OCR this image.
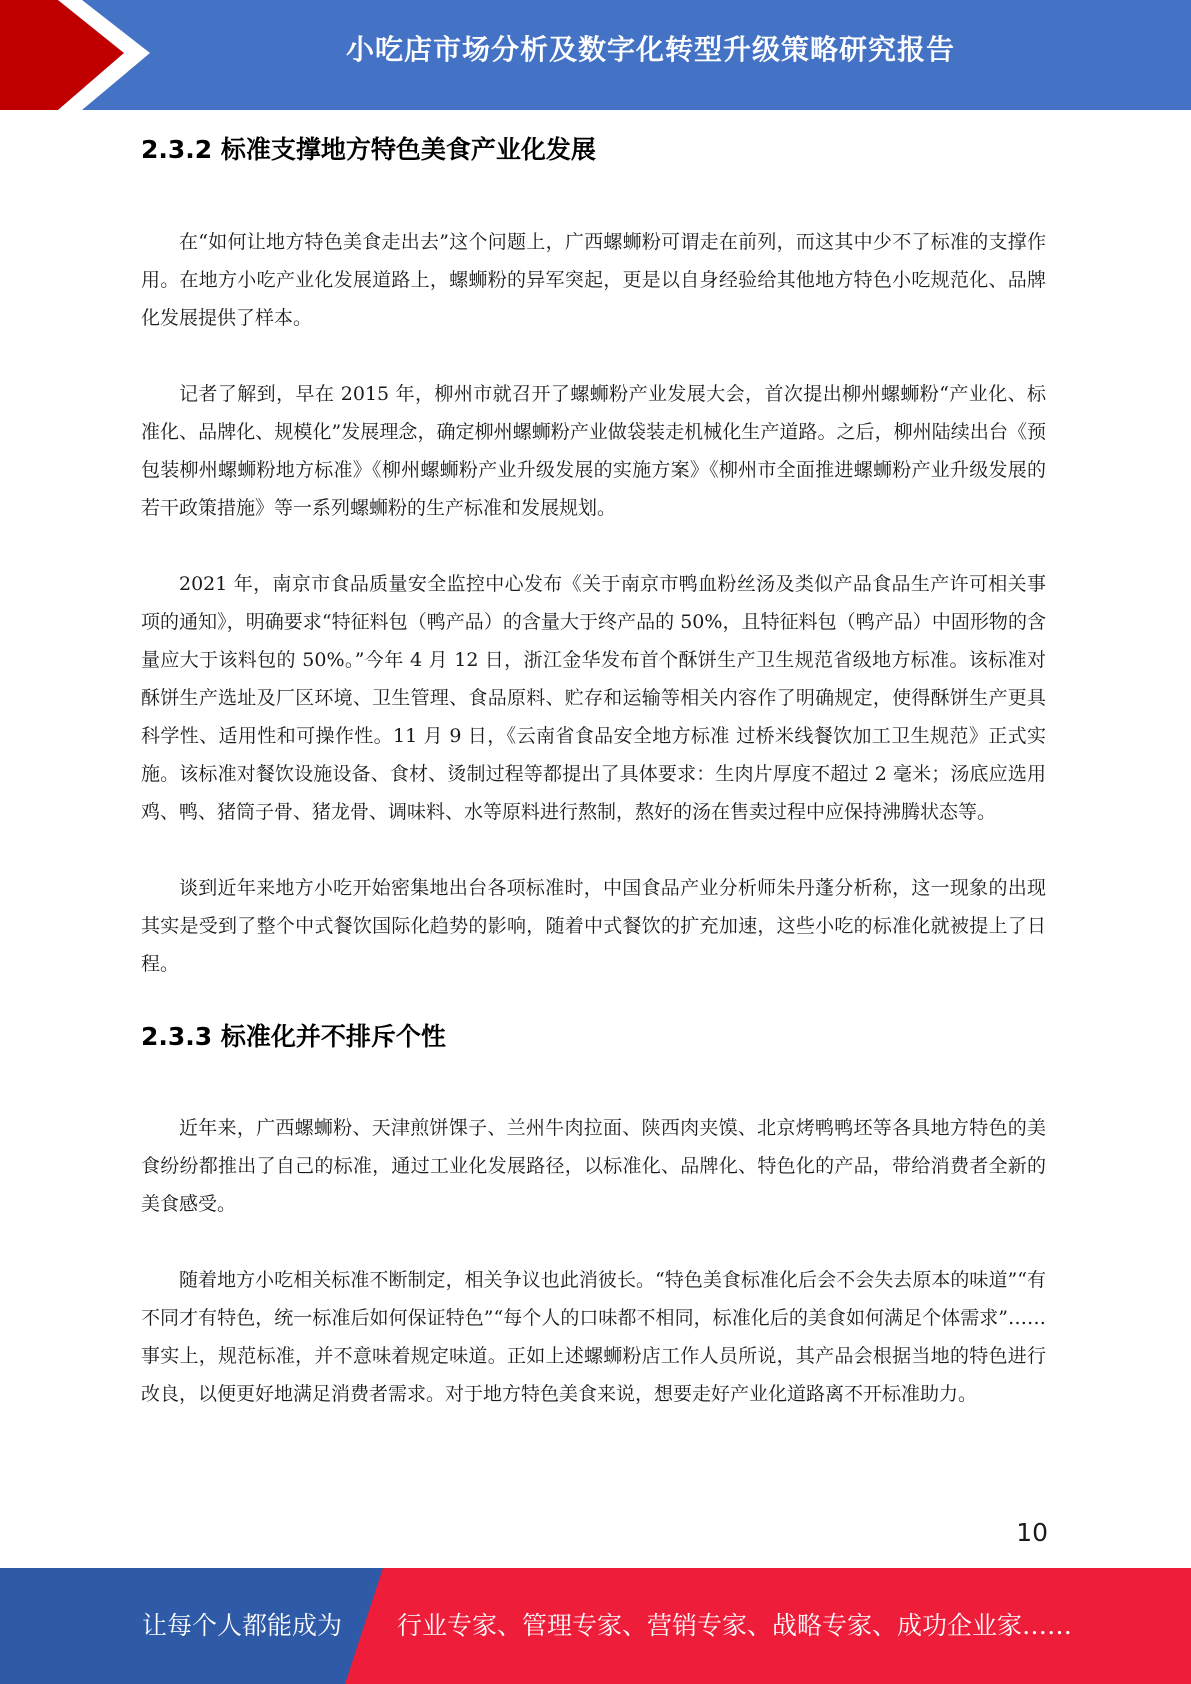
小吃店市场分析及数字化转型升级策略研究报告
2.3.2 标准支撑地方特色美食产业化发展

在“如何让地方特色美食走出去”这个问题上，广西螺蛳粉可谓走在前列，而这其中少不了标准的支撑作用。在地方小吃产业化发展道路上，螺蛳粉的异军突起，更是以自身经验给其他地方特色小吃规范化、品牌化发展提供了样本。

记者了解到，早在 2015 年，柳州市就召开了螺蛳粉产业发展大会，首次提出柳州螺蛳粉“产业化、标准化、品牌化、规模化”发展理念，确定柳州螺蛳粉产业做袋装走机械化生产道路。之后，柳州陆续出台《预包装柳州螺蛳粉地方标准》《柳州螺蛳粉产业升级发展的实施方案》《柳州市全面推进螺蛳粉产业升级发展的若干政策措施》等一系列螺蛳粉的生产标准和发展规划。

2021 年，南京市食品质量安全监控中心发布《关于南京市鸭血粉丝汤及类似产品食品生产许可相关事项的通知》，明确要求“特征料包（鸭产品）的含量大于终产品的 50%，且特征料包（鸭产品）中固形物的含量应大于该料包的 50%。”今年 4 月 12 日，浙江金华发布首个酥饼生产卫生规范省级地方标准。该标准对酥饼生产选址及厂区环境、卫生管理、食品原料、贮存和运输等相关内容作了明确规定，使得酥饼生产更具科学性、适用性和可操作性。11 月 9 日，《云南省食品安全地方标准 过桥米线餐饮加工卫生规范》正式实施。该标准对餐饮设施设备、食材、烫制过程等都提出了具体要求：生肉片厚度不超过 2 毫米；汤底应选用鸡、鸭、猪筒子骨、猪龙骨、调味料、水等原料进行熬制，熬好的汤在售卖过程中应保持沸腾状态等。

谈到近年来地方小吃开始密集地出台各项标准时，中国食品产业分析师朱丹蓬分析称，这一现象的出现其实是受到了整个中式餐饮国际化趋势的影响，随着中式餐饮的扩充加速，这些小吃的标准化就被提上了日程。

2.3.3 标准化并不排斥个性

近年来，广西螺蛳粉、天津煎饼馃子、兰州牛肉拉面、陕西肉夹馍、北京烤鸭鸭坯等各具地方特色的美食纷纷都推出了自己的标准，通过工业化发展路径，以标准化、品牌化、特色化的产品，带给消费者全新的美食感受。

随着地方小吃相关标准不断制定，相关争议也此消彼长。“特色美食标准化后会不会失去原本的味道”“有不同才有特色，统一标准后如何保证特色”“每个人的口味都不相同，标准化后的美食如何满足个体需求”……事实上，规范标准，并不意味着规定味道。正如上述螺蛳粉店工作人员所说，其产品会根据当地的特色进行改良，以便更好地满足消费者需求。对于地方特色美食来说，想要走好产业化道路离不开标准助力。

10
让每个人都能成为 行业专家、管理专家、营销专家、战略专家、成功企业家……
